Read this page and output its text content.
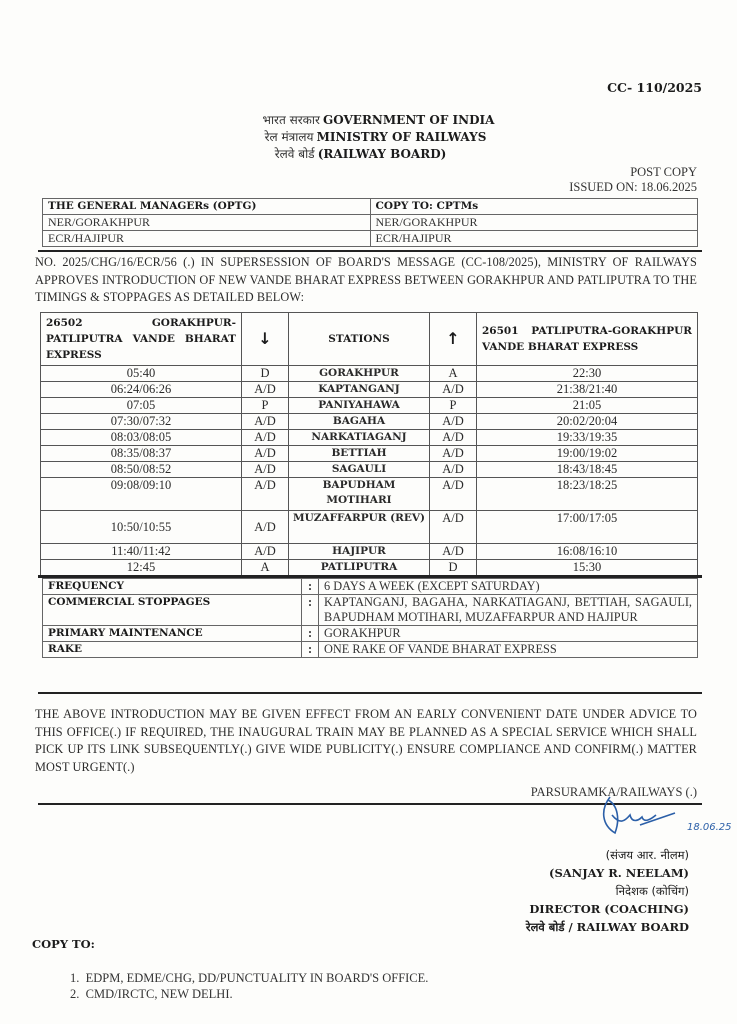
CC- 110/2025
भारत सरकार GOVERNMENT OF INDIA
रेल मंत्रालय MINISTRY OF RAILWAYS
रेलवे बोर्ड (RAILWAY BOARD)
POST COPY
ISSUED ON: 18.06.2025
THE GENERAL MANAGERs (OPTG)	COPY TO: CPTMs
NER/GORAKHPUR	NER/GORAKHPUR
ECR/HAJIPUR	ECR/HAJIPUR
NO. 2025/CHG/16/ECR/56 (.) IN SUPERSESSION OF BOARD'S MESSAGE (CC-108/2025), MINISTRY OF RAILWAYS APPROVES INTRODUCTION OF NEW VANDE BHARAT EXPRESS BETWEEN GORAKHPUR AND PATLIPUTRA TO THE TIMINGS & STOPPAGES AS DETAILED BELOW:
26502 GORAKHPUR-PATLIPUTRA VANDE BHARAT EXPRESS	↓	STATIONS	↑	26501 PATLIPUTRA-GORAKHPUR VANDE BHARAT EXPRESS
05:40	D	GORAKHPUR	A	22:30
06:24/06:26	A/D	KAPTANGANJ	A/D	21:38/21:40
07:05	P	PANIYAHAWA	P	21:05
07:30/07:32	A/D	BAGAHA	A/D	20:02/20:04
08:03/08:05	A/D	NARKATIAGANJ	A/D	19:33/19:35
08:35/08:37	A/D	BETTIAH	A/D	19:00/19:02
08:50/08:52	A/D	SAGAULI	A/D	18:43/18:45
09:08/09:10	A/D	BAPUDHAM MOTIHARI	A/D	18:23/18:25
10:50/10:55	A/D	MUZAFFARPUR (REV)	A/D	17:00/17:05
11:40/11:42	A/D	HAJIPUR	A/D	16:08/16:10
12:45	A	PATLIPUTRA	D	15:30
FREQUENCY	:	6 DAYS A WEEK (EXCEPT SATURDAY)
COMMERCIAL STOPPAGES	:	KAPTANGANJ, BAGAHA, NARKATIAGANJ, BETTIAH, SAGAULI, BAPUDHAM MOTIHARI, MUZAFFARPUR AND HAJIPUR
PRIMARY MAINTENANCE	:	GORAKHPUR
RAKE	:	ONE RAKE OF VANDE BHARAT EXPRESS
THE ABOVE INTRODUCTION MAY BE GIVEN EFFECT FROM AN EARLY CONVENIENT DATE UNDER ADVICE TO THIS OFFICE(.) IF REQUIRED, THE INAUGURAL TRAIN MAY BE PLANNED AS A SPECIAL SERVICE WHICH SHALL PICK UP ITS LINK SUBSEQUENTLY(.) GIVE WIDE PUBLICITY(.) ENSURE COMPLIANCE AND CONFIRM(.) MATTER MOST URGENT(.)
PARSURAMKA/RAILWAYS (.)
18.06.25
(संजय आर. नीलम)
(SANJAY R. NEELAM)
निदेशक (कोचिंग)
DIRECTOR (COACHING)
रेलवे बोर्ड / RAILWAY BOARD
COPY TO:
1.  EDPM, EDME/CHG, DD/PUNCTUALITY IN BOARD'S OFFICE.
2.  CMD/IRCTC, NEW DELHI.
